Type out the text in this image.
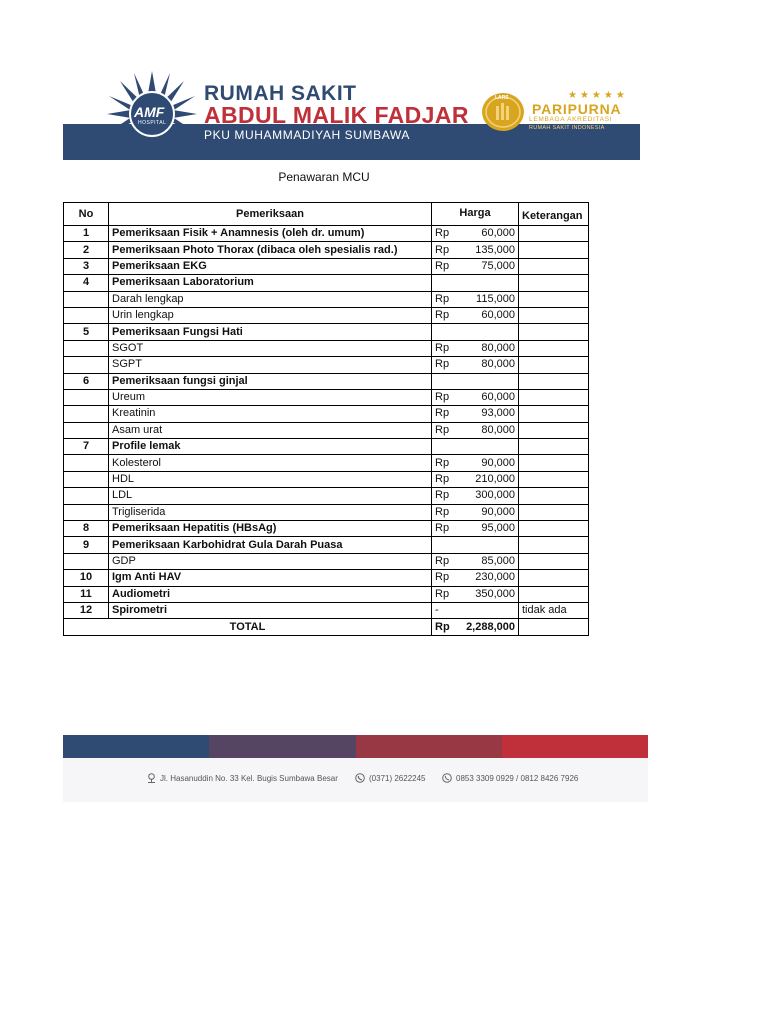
AMF
HOSPITAL
RUMAH SAKIT
ABDUL MALIK FADJAR
PKU MUHAMMADIYAH SUMBAWA
LARS	★★★★★
PARIPURNA
LEMBAGA AKREDITASI
RUMAH SAKIT INDONESIA
Penawaran MCU
No	Pemeriksaan	Harga		Keterangan
1	Pemeriksaan Fisik + Anamnesis (oleh dr. umum)	Rp	60,000	
2	Pemeriksaan Photo Thorax (dibaca oleh spesialis rad.)	Rp	135,000	
3	Pemeriksaan EKG	Rp	75,000	
4	Pemeriksaan Laboratorium			
	Darah lengkap	Rp	115,000	
	Urin lengkap	Rp	60,000	
5	Pemeriksaan Fungsi Hati			
	SGOT	Rp	80,000	
	SGPT	Rp	80,000	
6	Pemeriksaan fungsi ginjal			
	Ureum	Rp	60,000	
	Kreatinin	Rp	93,000	
	Asam urat	Rp	80,000	
7	Profile lemak			
	Kolesterol	Rp	90,000	
	HDL	Rp	210,000	
	LDL	Rp	300,000	
	Trigliserida	Rp	90,000	
8	Pemeriksaan Hepatitis (HBsAg)	Rp	95,000	
9	Pemeriksaan Karbohidrat Gula Darah Puasa			
	GDP	Rp	85,000	
10	Igm Anti HAV	Rp	230,000	
11	Audiometri	Rp	350,000	
12	Spirometri	-		tidak ada
TOTAL		Rp	2,288,000	
Jl. Hasanuddin No. 33 Kel. Bugis Sumbawa Besar	(0371) 2622245	0853 3309 0929 / 0812 8426 7926
